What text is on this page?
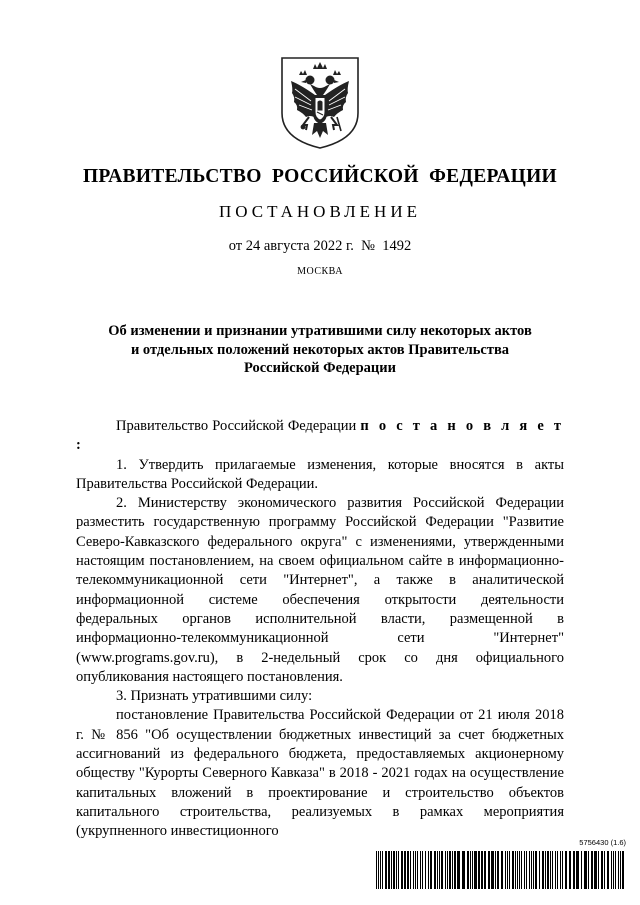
ПРАВИТЕЛЬСТВО  РОССИЙСКОЙ  ФЕДЕРАЦИИ
ПОСТАНОВЛЕНИЕ
от 24 августа 2022 г.  №  1492
МОСКВА
Об изменении и признании утратившими силу некоторых актов
и отдельных положений некоторых актов Правительства
Российской Федерации

Правительство Российской Федерации п о с т а н о в л я е т :

1. Утвердить прилагаемые изменения, которые вносятся в акты Правительства Российской Федерации.

2. Министерству экономического развития Российской Федерации разместить государственную программу Российской Федерации "Развитие Северо-Кавказского федерального округа" с изменениями, утвержденными настоящим постановлением, на своем официальном сайте в информационно-телекоммуникационной сети "Интернет", а также в аналитической информационной системе обеспечения открытости деятельности федеральных органов исполнительной власти, размещенной в информационно-телекоммуникационной сети "Интернет" (www.programs.gov.ru), в 2-недельный срок со дня официального опубликования настоящего постановления.

3. Признать утратившими силу:

постановление Правительства Российской Федерации от 21 июля 2018 г. № 856 "Об осуществлении бюджетных инвестиций за счет бюджетных ассигнований из федерального бюджета, предоставляемых акционерному обществу "Курорты Северного Кавказа" в 2018 - 2021 годах на осуществление капитальных вложений в проектирование и строительство объектов капитального строительства, реализуемых в рамках мероприятия (укрупненного инвестиционного

5756430 (1.6)
